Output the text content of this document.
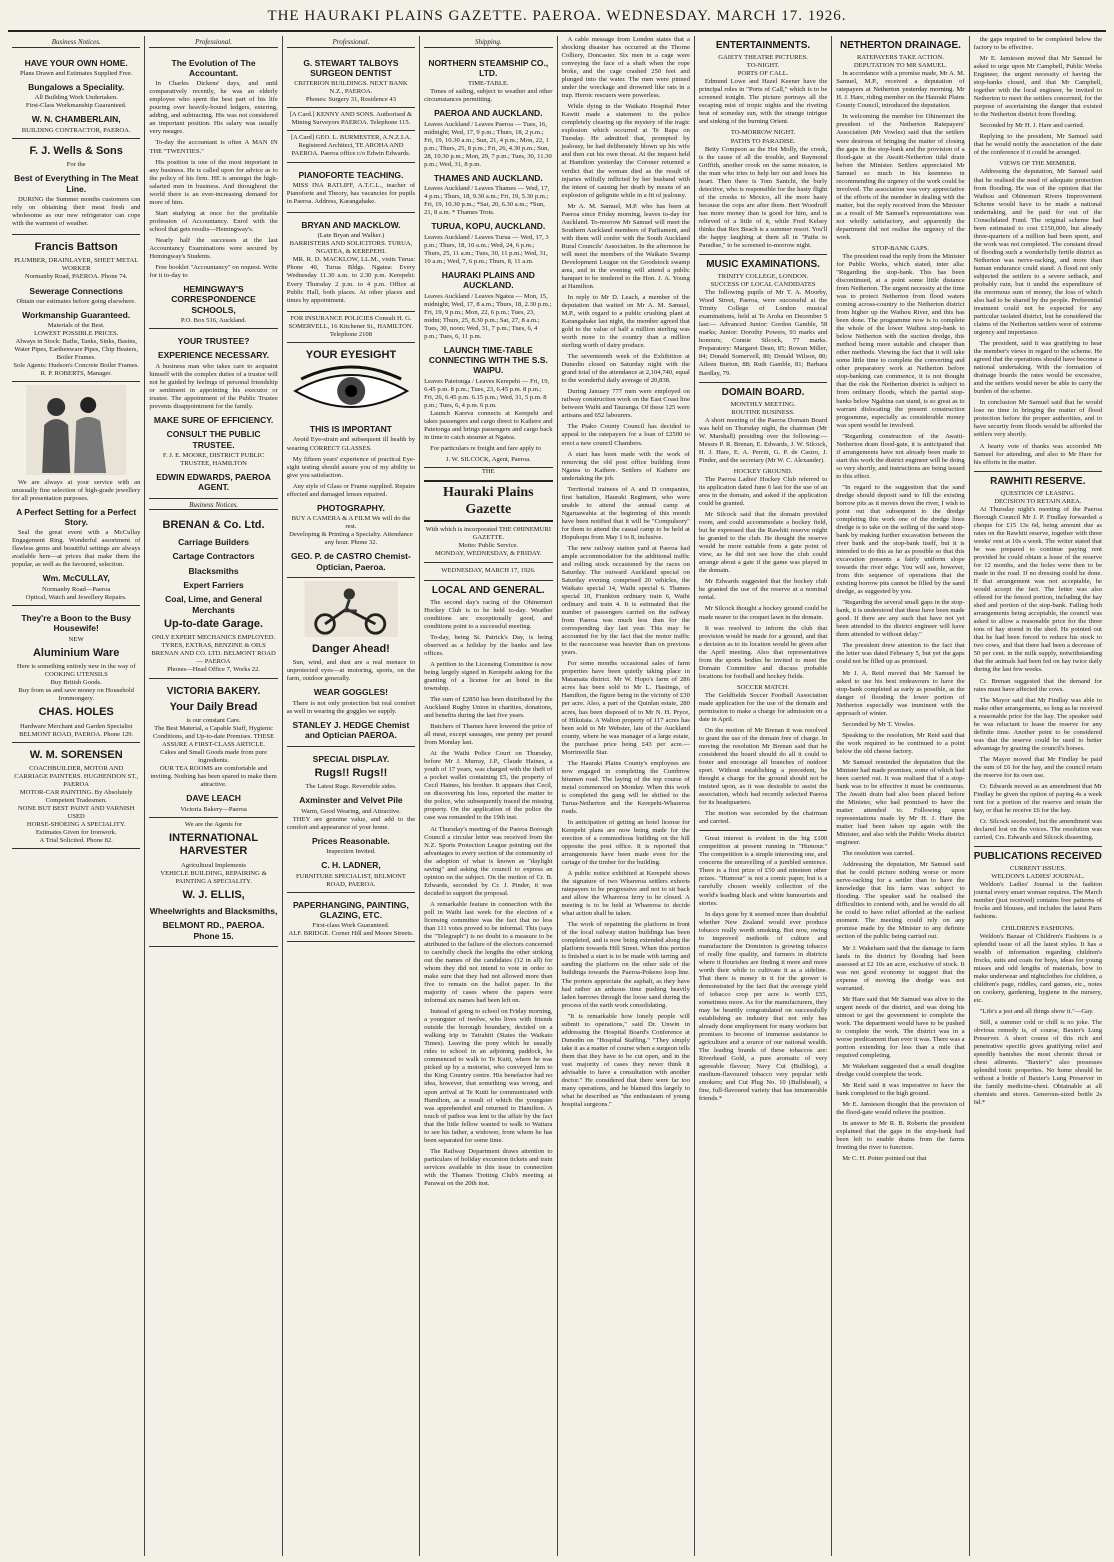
THE HAURAKI PLAINS GAZETTE. PAEROA. WEDNESDAY. MARCH 17. 1926.
Business Notices.
HAVE YOUR OWN HOME.
Plans Drawn and Estimates Supplied Free.
Bungalows a Speciality.
All Building Work Undertaken.
First-Class Workmanship Guaranteed.
W. N. CHAMBERLAIN,
BUILDING CONTRACTOR, PAEROA.
F. J. Wells & Sons
For the
Best of Everything in The Meat Line.

DURING the Summer months customers can rely on obtaining their meat fresh and wholesome as our new refrigerator can cope with the warmest of weather.

Francis Battson
PLUMBER, DRAINLAYER, SHEET METAL WORKER
Normanby Road, PAEROA. Phone 74.
Sewerage Connections
Obtain our estimates before going elsewhere.
Workmanship Guaranteed.
Materials of the Best.
LOWEST POSSIBLE PRICES.
Always in Stock: Baths, Tanks, Sinks, Basins, Water Pipes, Earthenware Pipes, Chip Heaters, Boiler Frames.
Sole Agents: Hudson's Concrete Boiler Frames.
R. P. ROBERTS, Manager.

We are always at your service with an unusually fine selection of high-grade jewellery for all presentation purposes.

A Perfect Setting for a Perfect Story.

Seal the great event with a McCullay Engagement Ring. Wonderful assortment of flawless gems and beautiful settings are always available here—at prices that make them the popular, as well as the favoured, selection.

Wm. McCULLAY,
Normanby Road—Paeroa
Optical, Watch and Jewellery Repairs.
They're a Boon to the Busy Housewife!
NEW
Aluminium Ware
Here is something entirely new in the way of
COOKING UTENSILS
Buy British Goods.
Buy from us and save money on Household Ironmongery.
CHAS. HOLES
Hardware Merchant and Garden Specialist
BELMONT ROAD, PAEROA. Phone 129.
W. M. SORENSEN
COACHBUILDER, MOTOR AND CARRIAGE PAINTERS. HUGHENDON ST., PAEROA
MOTOR-CAR PAINTING. By Absolutely Competent Tradesmen.
NONE BUT BEST PAINT AND VARNISH USED
HORSE-SHOEING A SPECIALITY.
Estimates Given for Ironwork.
A Trial Solicited. Phone 82.
Professional.
The Evolution of The Accountant.

In Charles Dickens' days, and until comparatively recently, he was an elderly employee who spent the best part of his life pouring over heavily-bound ledgers, entering, adding, and subtracting. His was not considered an important position. His salary was usually very meagre.

To-day the accountant is often A MAN IN THE "TWENTIES."

His position is one of the most important in any business. He is called upon for advice as to the policy of his firm. HE is amongst the high-salaried men in business. And throughout the world there is an ever-increasing demand for more of him.

Start studying at once for the profitable profession of Accountancy. Enrol with the school that gets results—Hemingway's.

Nearly half the successes at the last Accountancy Examinations were secured by Hemingway's Students.

Free booklet "Accountancy" on request. Write for it to-day to

HEMINGWAY'S CORRESPONDENCE SCHOOLS,
P.O. Box 516, Auckland.
YOUR TRUSTEE?
EXPERIENCE NECESSARY.

A business man who takes care to acquaint himself with the complex duties of a trustee will not be guided by feelings of personal friendship or sentiment in appointing his executor or trustee. The appointment of the Public Trustee prevents disappointment for the family.

MAKE SURE OF EFFICIENCY.
CONSULT THE PUBLIC TRUSTEE.
F. J. E. MOORE, DISTRICT PUBLIC TRUSTEE, HAMILTON
EDWIN EDWARDS, PAEROA AGENT.
Business Notices.
BRENAN & Co. Ltd.
Carriage Builders
Cartage Contractors
Blacksmiths
Expert Farriers
Coal, Lime, and General Merchants
Up-to-date Garage.
ONLY EXPERT MECHANICS EMPLOYED.
TYRES, EXTRAS, BENZINE & OILS
BRENAN AND CO. LTD. BELMONT ROAD — PAEROA
Phones—Head Office 7, Works 22.
VICTORIA BAKERY.
Your Daily Bread
is our constant Care.
The Best Material, a Capable Staff, Hygienic Conditions, and Up-to-date Premises. THESE ASSURE A FIRST-CLASS ARTICLE.
Cakes and Small Goods made from pure ingredients.
OUR TEA ROOMS are comfortable and inviting. Nothing has been spared to make them attractive.
DAVE LEACH
Victoria Bakery—Paeroa
We are the Agents for
INTERNATIONAL HARVESTER
Agricultural Implements
VEHICLE BUILDING, REPAIRING & PAINTING A SPECIALITY.
W. J. ELLIS,
Wheelwrights and Blacksmiths,
BELMONT RD., PAEROA. Phone 15.
Professional.
G. STEWART TALBOYS SURGEON DENTIST
CRITERION BUILDINGS. NEXT BANK N.Z., PAEROA.
Phones: Surgery 31, Residence 43
[A Card.] KENNY AND SONS. Authorised & Mining Surveyors PAEROA. Telephone 115.
[A Card] GEO. L. BURMESTER, A.N.Z.I.A. Registered Architect, TE AROHA AND PAEROA. Paeroa office c/o Edwin Edwards.
PIANOFORTE TEACHING.

MISS INA RATLIFF, A.T.C.L., teacher of Pianoforte and Theory, has vacancies for pupils in Paeroa. Address, Karangahake.

BRYAN AND MACKLOW.
(Late Bryan and Walker.)
BARRISTERS AND SOLICITORS. TURUA, NGATEA, & KEREPEHI.

MR. R. D. MACKLOW, LL.M., visits Turua: Phone 40, Turua Bldgs. Ngatea: Every Wednesday 11.30 a.m. to 2.30 p.m. Kerepehi: Every Thursday 2 p.m. to 4 p.m. Office at Public Hall, both places. At other places and times by appointment.

FOR INSURANCE POLICIES Consult H. G. SOMERVELL, 16 Kitchener St., HAMILTON. Telephone 2108
YOUR EYESIGHT
THIS IS IMPORTANT

Avoid Eye-strain and subsequent ill health by wearing CORRECT GLASSES.

My fifteen years' experience of practical Eye-sight testing should assure you of my ability to give you satisfaction.

Any style of Glass or Frame supplied. Repairs effected and damaged lenses repaired.

PHOTOGRAPHY.
BUY A CAMERA & A FILM We will do the rest.
Developing & Printing a Specialty. Attendance any hour. Phone 32.
GEO. P. de CASTRO Chemist-Optician, Paeroa.
Danger Ahead!

Sun, wind, and dust are a real menace to unprotected eyes—at motoring, sports, on the farm, outdoor generally.

WEAR GOGGLES!

There is not only protection but real comfort as well in wearing the goggles we supply.

STANLEY J. HEDGE Chemist and Optician PAEROA.
SPECIAL DISPLAY.
Rugs!! Rugs!!
The Latest Rugs. Reversible sides.
Axminster and Velvet Pile
Warm, Good Wearing, and Attractive.

THEY are genuine value, and add to the comfort and appearance of your home.

Prices Reasonable.
Inspection Invited.
C. H. LADNER,
FURNITURE SPECIALIST, BELMONT ROAD, PAEROA.
PAPERHANGING, PAINTING, GLAZING, ETC.
First-class Work Guaranteed.
ALF. BRIDGE. Corner Hill and Moore Streets.
Shipping.
NORTHERN STEAMSHIP CO., LTD.
TIME-TABLE.

Times of sailing, subject to weather and other circumstances permitting.

PAEROA AND AUCKLAND.
Leaves Auckland / Leaves Paeroa — Tues, 16, midnight; Wed, 17, 9 p.m.; Thurs, 18, 2 p.m.; Fri, 19, 10.30 a.m.; Sun, 21, 4 p.m.; Mon, 22, 1 p.m.; Thurs, 25, 8 p.m.; Fri, 26, 4.30 p.m.; Sun, 28, 10.30 p.m.; Mon, 29, 7 p.m.; Tues, 30, 11.30 p.m.; Wed, 31, 8 p.m.
THAMES AND AUCKLAND.
Leaves Auckland / Leaves Thames — Wed, 17, 4 p.m.; Thurs, 18, 9.30 a.m.; Fri, 19, 5.30 p.m.; Fri, 19, 10.30 p.m.; *Sat, 20, 6.30 a.m.; *Sun, 21, 8 a.m. * Thames Trots.
TURUA, KOPU, AUCKLAND.
Leaves Auckland / Leaves Turua — Wed, 17, 3 p.m.; Thurs, 18, 10 a.m.; Wed, 24, 6 p.m.; Thurs, 25, 11 a.m.; Tues, 30, 11 p.m.; Wed, 31, 10 a.m.; Wed, 7, 6 p.m.; Thurs, 8, 11 a.m.
HAURAKI PLAINS AND AUCKLAND.
Leaves Auckland / Leaves Ngatea — Mon, 15, midnight; Wed, 17, 8 a.m.; Thurs, 18, 2.30 p.m.; Fri, 19, 9 p.m.; Mon, 22, 6 p.m.; Tues, 23, midnt; Thurs, 25, 8.30 p.m.; Sat, 27, 8 a.m.; Tues, 30, noon; Wed, 31, 7 p.m.; Tues, 6, 4 p.m.; Tues, 6, 11 p.m.
LAUNCH TIME-TABLE CONNECTING WITH THE S.S. WAIPU.
Leaves Patetonga / Leaves Kerepehi — Fri, 19, 6.45 p.m. 8 p.m.; Tues, 23, 6.45 p.m. 8 p.m.; Fri, 26, 6.45 p.m. 6.15 p.m.; Wed, 31, 5 p.m. 8 p.m.; Tues, 6, 4 p.m. 6 p.m.

Launch Kareva connects at Kerepehi and takes passengers and cargo direct to Kaihere and Patetonga and brings passengers and cargo back in time to catch steamer at Ngatea.

For particulars re freight and fare apply to

J. W. SILCOCK, Agent, Paeroa.
THE
Hauraki Plains Gazette
With which is incorporated THE OHINEMURI GAZETTE.
Motto: Public Service.
MONDAY, WEDNESDAY, & FRIDAY.
WEDNESDAY, MARCH 17, 1926.
LOCAL AND GENERAL.

The second day's racing of the Ohinemuri Hockey Club is to be held to-day. Weather conditions are exceptionally good, and conditions point to a successful meeting.

To-day, being St. Patrick's Day, is being observed as a holiday by the banks and law offices.

A petition to the Licensing Committee is now being largely signed in Kerepehi asking for the granting of a license for an hotel in the township.

The sum of £2850 has been distributed by the Auckland Rugby Union in charities, donations, and benefits during the last five years.

Butchers of Thames have lowered the price of all meat, except sausages, one penny per pound from Monday last.

At the Waihi Police Court on Thursday, before Mr J. Murray, J.P., Claude Haines, a youth of 17 years, was charged with the theft of a pocket wallet containing £5, the property of Cecil Haines, his brother. It appears that Cecil, on discovering his loss, reported the matter to the police, who subsequently traced the missing property. On the application of the police the case was remanded to the 19th inst.

At Thursday's meeting of the Paeroa Borough Council a circular letter was received from the N.Z. Sports Protection League pointing out the advantages to every section of the community of the adoption of what is known as "daylight saving" and asking the council to express an opinion on the subject. On the motion of Cr. B. Edwards, seconded by Cr. J. Pinder, it was decided to support the proposal.

A remarkable feature in connection with the poll in Waihi last week for the election of a licensing committee was the fact that no less than 111 votes proved to be informal. This (says the "Telegraph") is no doubt to a measure to be attributed to the failure of the electors concerned to carefully check the lengths the other striking out the names of the candidates (12 in all) for whom they did not intend to vote in order to make sure that they had not allowed more than five to remain on the ballot paper. In the majority of cases where the papers were informal six names had been left on.

Instead of going to school on Friday morning, a youngster of twelve, who lives with friends outside the borough boundary, decided on a walking trip to Tairahiti (States the Waikato Times). Leaving the pony which he usually rides to school in an adjoining paddock, he commenced to walk to Te Kuiti, where he was picked up by a motorist, who conveyed him to the King Country centre. His benefactor had no idea, however, that something was wrong, and upon arrival at Te Kuiti he communicated with Hamilton, as a result of which the youngster was apprehended and returned to Hamilton. A touch of pathos was lent to the affair by the fact that the little fellow wanted to walk to Waitara to see his father, a widower, from whom he has been separated for some time.

The Railway Department draws attention to particulars of holiday excursion tickets and train services available in this issue in connection with the Thames Trotting Club's meeting at Parawai on the 20th inst.

A cable message from London states that a shocking disaster has occurred at the Thorne Colliery, Doncaster. Six men in a cage were conveying the face of a shaft when the rope broke, and the cage crashed 250 feet and plunged into the water. The men were pinned under the wreckage and drowned like rats in a trap. Heroic rescuers were powerless.

While dying in the Waikato Hospital Peter Kawiti made a statement to the police completely clearing up the mystery of the tragic explosion which occurred at Te Rapa on Tuesday. He admitted that, prompted by jealousy, he had deliberately blown up his wife and then cut his own throat. At the inquest held at Hamilton yesterday the Coroner returned a verdict that the woman died as the result of injuries wilfully inflicted by her husband with the intent of causing her death by means of an explosion of gelignite while in a fit of jealousy.

Mr A. M. Samuel, M.P. who has been at Paeroa since Friday morning, leaves to-day for Auckland. To-morrow Mr Samuel will meet the Southern Auckland members of Parliament, and with them will confer with the South Auckland Rural Councils' Association. In the afternoon he will meet the members of the Waikato Swamp Development League on the Goodstock swamp area, and in the evening will attend a public banquet to be tendered to the Hon. J. A. Young at Hamilton.

In reply to Mr D. Leach, a member of the deputation that waited on Mr A. M. Samuel, M.P., with regard to a public crushing plant at Karangahake last night, the member agreed that gold to the value of half a million sterling was worth more to the country than a million sterling worth of dairy produce.

The seventeenth week of the Exhibition at Dunedin closed on Saturday night with the grand total of the attendance at 2,104,740, equal to the wonderful daily average of 20,838.

During January 777 men were employed on railway construction work on the East Coast line between Waihi and Tauranga. Of these 125 were artisans and 652 labourers.

The Piako County Council has decided to appeal to the ratepayers for a loan of £2500 to erect a new council Chambers.

A start has been made with the work of removing the old post office building from Ngatea to Kaihere. Settlers of Kaihere are undertaking the job.

Territorial trainees of A and D companies, first battalion, Hauraki Regiment, who were unable to attend the annual camp at Ngaruawahia at the beginning of this month have been notified that it will be "Compulsory" for them to attend the casual camp to be held at Hopuhopu from May 1 to 8, inclusive.

The new railway station yard at Paeroa had ample accommodation for the additional traffic and rolling stock occasioned by the races on Saturday. The outward Auckland special on Saturday evening comprised 20 vehicles, the Waikato special 14, Waihi special 6. Thames special 10, Frankton ordinary train 6, Waihi ordinary and train 4. It is estimated that the number of passengers carried on the railway from Paeroa was much less than for the corresponding day last year. This may be accounted for by the fact that the motor traffic to the racecourse was heavier than on previous years.

For some months occasional sales of farm properties have been quietly taking place in Matamata district. Mr W. Hopo's farm of 286 acres has been sold to Mr L. Hastings, of Hamilton, the figure being in the vicinity of £30 per acre. Also, a part of the Quinlan estate, 280 acres, has been disposed of to Mr N. H. Pryce, of Hikutaia. A Walton property of 117 acres has been sold to Mr Webster, late of the Auckland county, where he was manager of a large estate, the purchase price being £43 per acre.—Morrinsville Star.

The Hauraki Plains County's employees are now engaged in completing the Cumbrow bitumen road. The laying of the top course of metal commenced on Monday. When this work is completed the gang will be shifted to the Turua-Netherton and the Kerepehi-Whareroa roads.

In anticipation of getting an hotel license for Kerepehi plans are now being made for the erection of a commodious building on the hill opposite the post office. It is reported that arrangements have been made even for the cartage of the timber for the building.

A public notice exhibited at Kerepehi shows the signature of two Whareroa settlers exhorts ratepayers to be progressive and not to sit back and allow the Whareroa ferry to be closed. A meeting is to be held at Whareroa to decide what action shall be taken.

The work of repainting the platform in front of the local railway station buildings has been completed, and is now being extended along the platform towards Hill Street. When this portion is finished a start is to be made with tarring and sanding the platform on the other side of the buildings towards the Paeroa-Pokeno loop line. The porters appreciate the asphalt, as they have had rather an arduous time pushing heavily laden barrows through the loose sand during the process of the earth work consolidating.

"It is remarkable how lonely people will submit to operations," said Dr. Unwin in addressing the Hospital Board's Conference at Dunedin on "Hospital Staffing." "They simply take it as a matter of course when a surgeon tells them that they have to be cut open, and in the vast majority of cases they never think it advisable to have a consultation with another doctor." He considered that there were far too many operations, and he blamed this largely to what he described as "the enthusiasm of young hospital surgeons."

ENTERTAINMENTS.
GAIETY THEATRE PICTURES.
TO-NIGHT.
PORTS OF CALL.

Edmund Lowe and Hazel Keener have the principal roles in "Ports of Call," which is to be screened tonight. The picture portrays all the escaping mist of tropic nights and the riveting beat of someday sun, with the strange intrigue and sinking of the burning Orient.

TO-MORROW NIGHT.
PATHS TO PARADISE.

Betty Compson as the Hot Molly, the crook, is the cause of all the trouble, and Raymond Griffith, another crook on the same mission, is the man who tries to help her out and loses his heart. Then there is Tom Santchi, the burly detective, who is responsible for the hasty flight of the crooks to Mexico, all the more hasty because the cops are after them. Bert Woodruff has more money than is good for him, and is relieved of a little of it, while Fred Kelsey thinks that Rex Beach is a summer resort. You'll die happy laughing at them all in "Paths to Paradise," to be screened to-morrow night.

MUSIC EXAMINATIONS.
TRINITY COLLEGE, LONDON.
SUCCESS OF LOCAL CANDIDATES

The following pupils of Mr T. A. Moorby, Wood Street, Paeroa, were successful at the Trinity College of London musical examinations, held at Te Aroha on December 5 last:— Advanced Junior: Gordon Gamble, 58 marks; Junior: Dorothy Powers, 93 marks and honours; Connie Silcock, 77 marks. Preparatory: Margaret Dean, 85; Rowan Miller, 84; Donald Somervell, 80; Donald Wilson, 80; Aileen Burton, 88; Ruth Gamble, 81; Barbara Bardlay, 79.

DOMAIN BOARD.
MONTHLY MEETING.
ROUTINE BUSINESS.

A short meeting of the Paeroa Domain Board was held on Thursday night, the chairman (Mr W. Marshall) presiding over the following:— Messrs P. R. Brenan, E. Edwards, J. W. Silcock, H. J. Hare, E. A. Perritt, G. P. de Castro, J. Pinder, and the secretary (Mr W. C. Alexander).

HOCKEY GROUND.

The Paeroa Ladies' Hockey Club referred to its application dated June 6 last for the use of an area in the domain, and asked if the application could be granted.

Mr Silcock said that the domain provided room, and could accommodate a hockey field, but he expressed that the Rawhiti reserve might be granted to the club. He thought the reserve would be more suitable from a gate point of view, as he did not see how the club could arrange about a gate if the game was played in the domain.

Mr Edwards suggested that the hockey club be granted the use of the reserve at a nominal rental.

Mr Silcock thought a hockey ground could be made nearer to the croquet lawn in the domain.

It was resolved to inform the club that provision would be made for a ground, and that a decision as to its location would be given after the April meeting. Also that representatives from the sports bodies be invited to meet the Domain Committee and discuss probable locations for football and hockey fields.

SOCCER MATCH.

The Goldfields Soccer Football Association made application for the use of the domain and permission to make a charge for admission on a date in April.

On the motion of Mr Brenan it was resolved to grant the use of the domain free of charge. In moving the resolution Mr Brenan said that he considered the board should do all it could to foster and encourage all branches of outdoor sport. Without establishing a precedent, he thought a charge for the ground should not be insisted upon, as it was desirable to assist the association, which had recently selected Paeroa for its headquarters.

The motion was seconded by the chairman and carried.

Great interest is evident in the big £100 competition at present running in "Humour." The competition is a simple interesting one, and concerns the unravelling of a jumbled sentence. There is a first prize of £50 and nineteen other prizes. "Humour" is not a comic paper, but is a carefully chosen weekly collection of the world's leading black and white humourists and stories.

In days gone by it seemed more than doubtful whether New Zealand would ever produce tobacco really worth smoking. But now, owing to improved methods of culture and manufacture the Dominion is growing tobacco of really fine quality, and farmers in districts where it flourishes are finding it more and more worth their while to cultivate it as a sideline. That there is money in it for the grower is demonstrated by the fact that the average yield of tobacco crop per acre is worth £55, sometimes more. As for the manufacturers, they may be heartily congratulated on successfully establishing an industry that not only has already done employment for many workers but promises to become of immense assistance to agriculture and a source of our national wealth. The leading brands of these tobaccos are: Riverhead Gold, a pure aromatic of very agreeable flavour; Navy Cut (Bulldog), a medium-flavoured tobacco very popular with smokers; and Cut Plug No. 10 (Bullshead), a fine, full-flavoured variety that has innumerable friends.*

NETHERTON DRAINAGE.
RATEPAYERS TAKE ACTION.
DEPUTATION TO MR SAMUEL.

In accordance with a promise made, Mr A. M. Samuel, M.P., received a deputation of ratepayers at Netherton yesterday morning. Mr H. J. Hare, riding member on the Hauraki Plains County Council, introduced the deputation.

In welcoming the member for Ohinemuri the president of the Netherton Ratepayers' Association (Mr Vowles) said that the settlers were desirous of bringing the matter of closing the gaps in the stop-bank and the provision of a flood-gate at the Awaiti-Netherton tidal drain before the Minister. Settlers appreciated Mr Samuel so much in his keenness in recommending the urgency of the work could be involved. The association was very appreciative of the efforts of the member in dealing with the matter, but the reply received from the Minister as a result of Mr Samuel's representations was not wholly satisfactory, and apparently the department did not realise the urgency of the work.

STOP-BANK GAPS.

The president read the reply from the Minister for Public Works, which stated, inter alia: "Regarding the stop-bank. This has been discontinued, at a point some little distance from Netherton. The urgent necessity at the time was to protect Netherton from flood waters coming across-country to the Netherton district from higher up the Waihou River, and this has been done. The programme now is to complete the whole of the lower Waihou stop-bank to below Netherton with the suction dredge, this method being more suitable and cheaper than other methods. Viewing the fact that it will take some little time to complete the converting and other preparatory work at Netherton before stop-banking can commence, it is not thought that the risk the Netherton district is subject to from ordinary floods, which the partial stop-banks below Ngahina can stand, is so great as to warrant dislocating the present construction programme, especially as considerable money was spent would be involved.

"Regarding construction of the Awaiti-Netherton drain flood-gate, it is anticipated that if arrangements have not already been made to start this work the district engineer will be doing so very shortly, and instructions are being issued to this effect.

"In regard to the suggestion that the sand dredge should deposit sand to fill the existing borrow pits as it moves down the river, I wish to point out that subsequent to the dredge completing this work one of the dredge lines dredge is to take on the soiling of the sand stop-bank by making further excavation between the river bank and the stop-bank itself, but it is intended to do this as far as possible so that this excavation presents a fairly uniform slope towards the river edge. You will see, however, from this sequence of operations that the existing borrow pits cannot be filled by the sand dredge, as suggested by you.

"Regarding the several small gaps in the stop-bank, it is understood that these have been made good. If there are any such that have not yet been attended to the district engineer will have them attended to without delay."

The president drew attention to the fact that the letter was dated February 5, but yet the gaps could not be filled up as promised.

Mr J. A. Reid moved that Mr Samuel be asked to use his best endeavours to have the stop-bank completed as early as possible, as the danger of flooding the lower portion of Netherton especially was imminent with the approach of winter.

Seconded by Mr T. Vowles.

Speaking to the resolution, Mr Reid said that the work required to be continued to a point below the old cheese factory.

Mr Samuel reminded the deputation that the Minister had made promises, some of which had been carried out. It was realised that if a stop-bank was to be effective it must be continuous. The Awaiti drain had also been placed before the Minister, who had promised to have the matter attended to. Following upon representations made by Mr H. J. Hare the matter had been taken up again with the Minister, and also with the Public Works district engineer.

The resolution was carried.

Addressing the deputation, Mr Samuel said that he could picture nothing worse or more nerve-racking for a settler than to have the knowledge that his farm was subject to flooding. The speaker said he realised the difficulties to contend with, and he would do all he could to have relief afforded at the earliest moment. The meeting could rely on any promise made by the Minister to any definite section of the public being carried out.

Mr J. Wakeham said that the damage to farm lands in the district by flooding had been assessed at £2 10s an acre, exclusive of stock. It was not good economy to suggest that the expense of moving the dredge was not warranted.

Mr Hare said that Mr Samuel was alive to the urgent needs of the district, and was doing his utmost to get the government to complete the work. The department would have to be pushed to complete the work. The district was in a worse predicament than ever it was. There was a portion extending for less than a mile that required completing.

Mr Wakeham suggested that a small dragline dredge could complete the work.

Mr Reid said it was imperative to have the bank completed to the high ground.

Mr E. Jamieson thought that the provision of the flood-gate would relieve the position.

In answer to Mr R. B. Roberts the president explained that the gaps in the stop-bank had been left to enable drains from the farms fronting the river to function.

Mr C. H. Potter pointed out that

the gaps required to be completed below the factory to be effective.

Mr E. Jamieson moved that Mr Samuel be asked to urge upon Mr Campbell, Public Works Engineer, the urgent necessity of having the stop-banks closed, and that Mr Campbell, together with the local engineer, be invited to Netherton to meet the settlers concerned, for the purpose of ascertaining the danger that existed to the Netherton district from flooding.

Seconded by Mr H. J. Hare and carried.

Replying to the president, Mr Samuel said that he would notify the association of the date of the conference if it could be arranged.

VIEWS OF THE MEMBER.

Addressing the deputation, Mr Samuel said that he realised the need of adequate protection from flooding. He was of the opinion that the Waihou and Ohinemuri Rivers Improvement Scheme would have to be made a national undertaking, and be paid for out of the Consolidated Fund. The original scheme had been estimated to cost £150,000, but already three-quarters of a million had been spent, and the work was not completed. The constant dread of flooding such a wonderfully fertile district as Netherton was nerve-racking, and more than human endurance could stand. A flood not only subjected the settlers to a severe setback, and probably ruin, but it undid the expenditure of the enormous sum of money, the loss of which also had to be shared by the people. Preferential treatment could not be expected for any particular isolated district, but he considered the claims of the Netherton settlers were of extreme urgency and importance.

The president, said it was gratifying to hear the member's views in regard to the scheme. He agreed that the operations should have become a national undertaking. With the formation of drainage boards the rates would be excessive, and the settlers would never be able to carry the burden of the scheme.

In conclusion Mr Samuel said that he would lose no time in bringing the matter of flood protection before the proper authorities, and to have security from floods would be afforded the settlers very shortly.

A hearty vote of thanks was accorded Mr Samuel for attending, and also to Mr Hare for his efforts in the matter.

RAWHITI RESERVE.
QUESTION OF LEASING.
DECISION TO RETAIN AREA.

At Thursday night's meeting of the Paeroa Borough Council Mr J. P. Findlay forwarded a cheque for £15 13s 6d, being amount due as rates on the Rawhiti reserve, together with three weeks' rent at 10s a week. The writer stated that he was prepared to continue paying rent provided he could obtain a lease of the reserve for 12 months, and the holes were then to be made in the road. If no dressing could be done. If that arrangement was not acceptable, he would accept the fact. The letter was also offered for the fenced portion, including the hay shed and portion of the stop-bank. Failing both arrangements being acceptable, the council was asked to allow a reasonable price for the three tons of hay stored in the shed. He pointed out that he had been forced to reduce his stock to two cows, and that there had been a decrease of 50 per cent. in the milk supply, notwithstanding that the animals had been fed on hay twice daily during the last few weeks.

Cr. Brenan suggested that the demand for rates must have affected the cows.

The Mayor said that Mr Findlay was able to make other arrangements, so long as he received a reasonable price for the hay. The speaker said he was reluctant to lease the reserve for any definite time. Another point to be considered was that the reserve could be used to better advantage by grazing the council's horses.

The Mayor moved that Mr Findlay be paid the sum of £6 for the hay, and the council retain the reserve for its own use.

Cr. Edwards moved as an amendment that Mr Findlay be given the option of paying 4s a week rent for a portion of the reserve and retain the hay, or that he receive £6 for the hay.

Cr. Silcock seconded, but the amendment was declared lost on the voices. The resolution was carried, Crs. Edwards and Silcock dissenting.

PUBLICATIONS RECEIVED
CURRENT ISSUES.
WELDON'S LADIES' JOURNAL.

Weldon's Ladies' Journal is the fashion journal every smart woman requires. The March number (just received) contains free patterns of frocks and blouses, and includes the latest Paris fashions.

CHILDREN'S FASHIONS.

Weldon's Bazaar of Children's Fashions is a splendid issue of all the latest styles. It has a wealth of information regarding children's frocks, suits and coats for boys, ideas for young misses and odd lengths of materials, how to make underwear and nightclothes for children, a children's page, riddles, card games, etc., notes on cookery, gardening, hygiene in the nursery, etc.

"Life's a jest and all things show it."—Gay.

Still, a summer cold or chill is no joke. The obvious remedy is, of course, Baxter's Lung Preserver. A short course of this rich and penetrative specific gives gratifying relief and speedily banishes the most chronic throat or chest ailments. "Baxter's" also possesses splendid tonic properties. No home should be without a bottle of Baxter's Lung Preserver in the family medicine-chest. Obtainable at all chemists and stores. Generous-sized bottle 2s 6d.*
